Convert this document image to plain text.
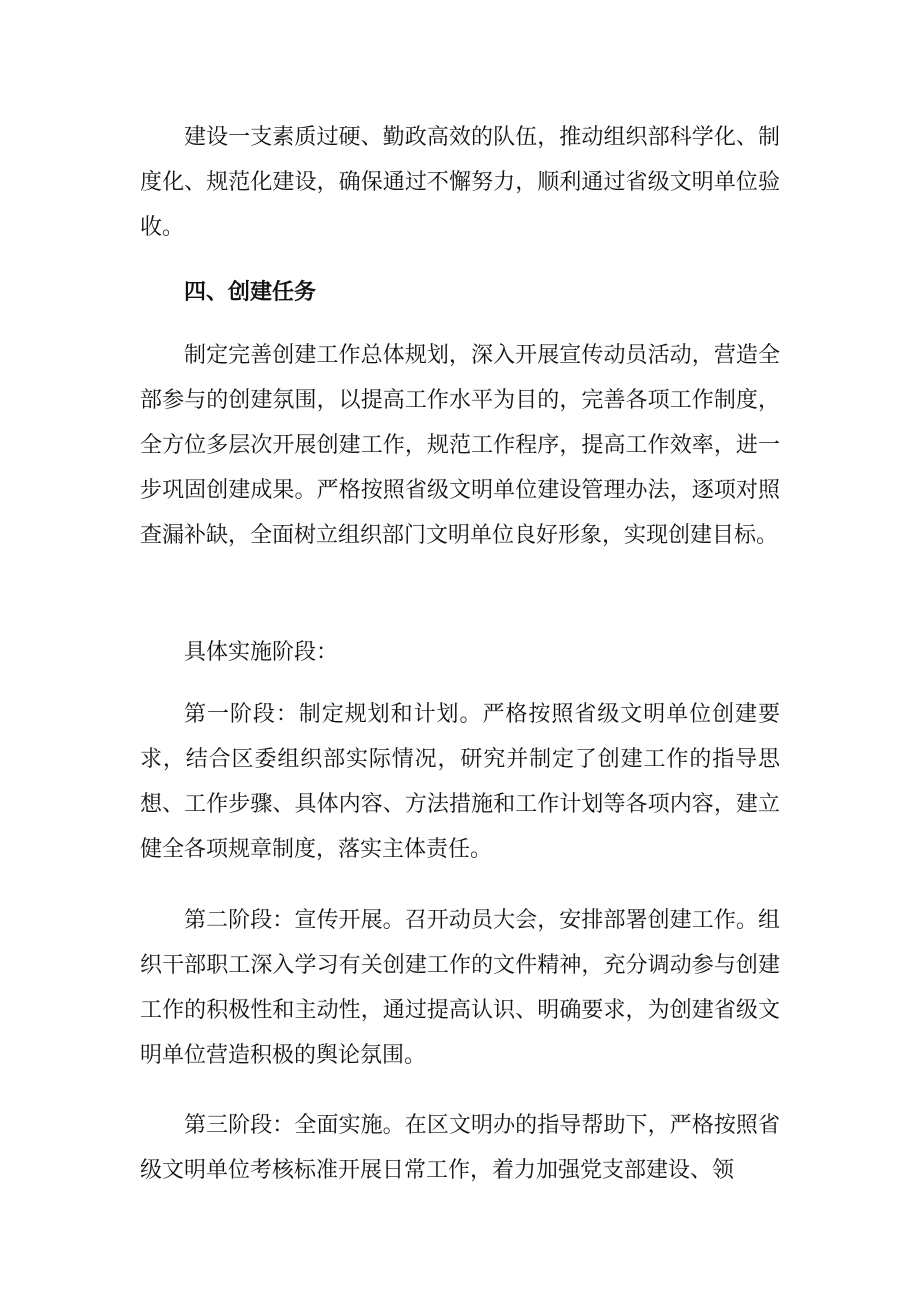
建设一支素质过硬、勤政高效的队伍，推动组织部科学化、制度化、规范化建设，确保通过不懈努力，顺利通过省级文明单位验收。

四、创建任务

制定完善创建工作总体规划，深入开展宣传动员活动，营造全部参与的创建氛围，以提高工作水平为目的，完善各项工作制度，全方位多层次开展创建工作，规范工作程序，提高工作效率，进一步巩固创建成果。严格按照省级文明单位建设管理办法，逐项对照查漏补缺，全面树立组织部门文明单位良好形象，实现创建目标。

具体实施阶段：

第一阶段：制定规划和计划。严格按照省级文明单位创建要求，结合区委组织部实际情况，研究并制定了创建工作的指导思想、工作步骤、具体内容、方法措施和工作计划等各项内容，建立健全各项规章制度，落实主体责任。

第二阶段：宣传开展。召开动员大会，安排部署创建工作。组织干部职工深入学习有关创建工作的文件精神，充分调动参与创建工作的积极性和主动性，通过提高认识、明确要求，为创建省级文明单位营造积极的舆论氛围。

第三阶段：全面实施。在区文明办的指导帮助下，严格按照省级文明单位考核标准开展日常工作，着力加强党支部建设、领
